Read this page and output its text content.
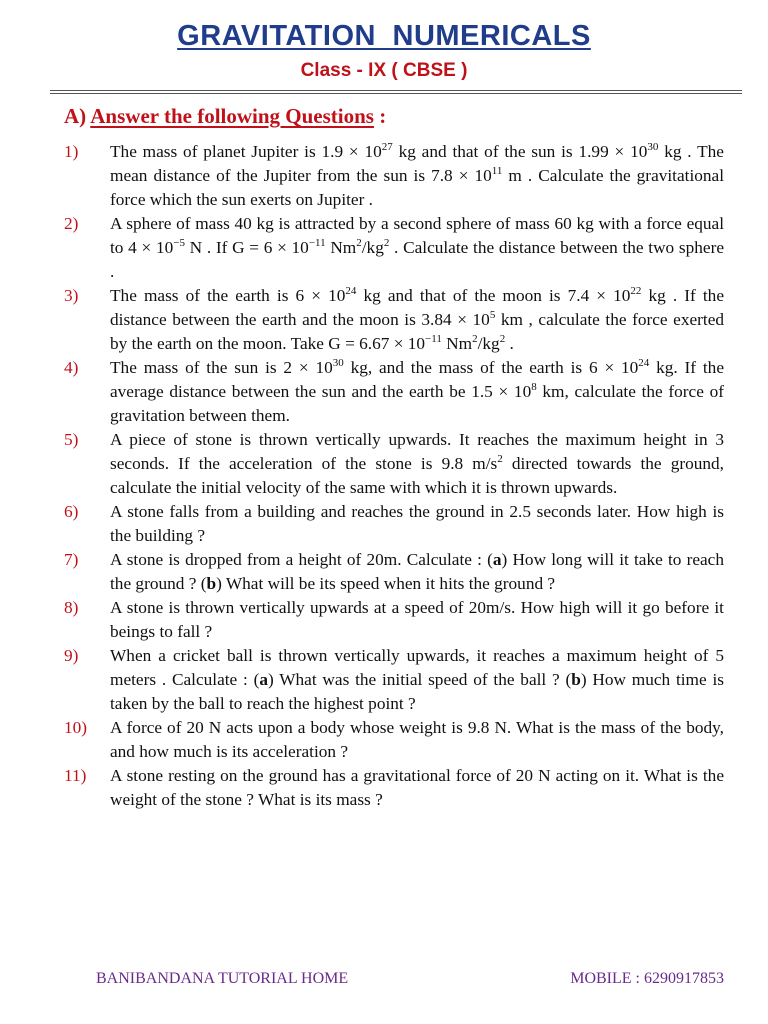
GRAVITATION NUMERICALS
Class - IX ( CBSE )
A) Answer the following Questions :
1)	The mass of planet Jupiter is $1.9 \times 10^{27}$ kg and that of the sun is $1.99 \times 10^{30}$ kg . The mean distance of the Jupiter from the sun is $7.8 \times 10^{11}$ m . Calculate the gravitational force which the sun exerts on Jupiter .
2)	A sphere of mass 40 kg is attracted by a second sphere of mass 60 kg with a force equal to $4 \times 10^{-5}$ N . If $G = 6 \times 10^{-11}$ $Nm^2/kg^2$ . Calculate the distance between the two sphere .
3)	The mass of the earth is $6 \times 10^{24}$ kg and that of the moon is $7.4 \times 10^{22}$ kg . If the distance between the earth and the moon is $3.84 \times 10^5$ km , calculate the force exerted by the earth on the moon. Take $G = 6.67 \times 10^{-11}$ $Nm^2/kg^2$ .
4)	The mass of the sun is $2 \times 10^{30}$ kg, and the mass of the earth is $6 \times 10^{24}$ kg. If the average distance between the sun and the earth be $1.5 \times 10^8$ km, calculate the force of gravitation between them.
5)	A piece of stone is thrown vertically upwards. It reaches the maximum height in 3 seconds. If the acceleration of the stone is 9.8 $m/s^2$ directed towards the ground, calculate the initial velocity of the same with which it is thrown upwards.
6)	A stone falls from a building and reaches the ground in 2.5 seconds later. How high is the building ?
7)	A stone is dropped from a height of 20m. Calculate : (a) How long will it take to reach the ground ? (b) What will be its speed when it hits the ground ?
8)	A stone is thrown vertically upwards at a speed of 20m/s. How high will it go before it beings to fall ?
9)	When a cricket ball is thrown vertically upwards, it reaches a maximum height of 5 meters . Calculate : (a) What was the initial speed of the ball ? (b) How much time is taken by the ball to reach the highest point ?
10)	A force of 20 N acts upon a body whose weight is 9.8 N. What is the mass of the body, and how much is its acceleration ?
11)	A stone resting on the ground has a gravitational force of 20 N acting on it. What is the weight of the stone ? What is its mass ?
BANIBANDANA TUTORIAL HOME	MOBILE : 6290917853
